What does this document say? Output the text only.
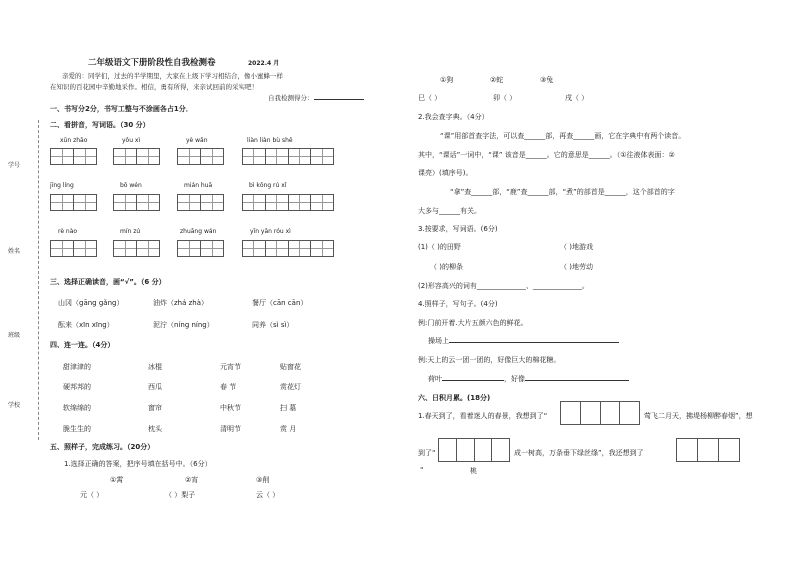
学号
姓名
班级
学校
二年级语文下册阶段性自我检测卷	2022.4 月
亲爱的：同学们，过去的半学期里，大家在上级下学习相结合，像小蜜蜂一样
在知识的百花园中辛勤地采作。相信，勇有所得，来亲试回前的采实吧！
自我检测得分：
一、书写分2分，书写工整与不涂画各占1分．
二、看拼音，写词语。（30 分）
xūn zhāo	yǒu xì	yè wǎn	liàn liàn bù shě
jīng líng	bō wén	mián huā	bì kōng rú xǐ
rè nào	mín zú	zhuāng wán	yīn yān róu xì
三、选择正确读音，画“√”。（6 分）
山冈（gāng gǎng）	油炸（zhá zhà）	餐厅（cān cān）
酝来（xīn xīng）	泥泞（níng níng）	同养（sì sì）
四、连一连。（4分）
甜津津的	冰棍	元宵节	贴窗花
硬邦邦的	西瓜	春 节	赏花灯
软绵绵的	窗帘	中秋节	扫 墓
脆生生的	枕头	清明节	赏 月
五、照样子，完成练习。（20分）
1.选择正确的答案，把序号填在括号中。（6分）
①霄	②宵	③削
元（ ）	（ ）梨子	云（ ）
①狗	②蛇	③兔
巳（ ）	卯（ ）	戌（ ）
2.我会查字典。（4分）
“课”用部首查字法，可以查______部，再查______画，它在字典中有两个读音。
其中，“课话”一词中，“课” 该音是______。它的意思是______。（①往液体表面：②
课亮）(填序号)。
“拿”查______部，“鹿”查______部，“煮”的部首是______，这个部首的字
大多与______有关。
3.按要求，写词语。(6分)
(1)（ )的田野	（ )地游戏
（ )的柳条	（ )地劳动
(2)形容高兴的词有______________、______________。
4.照样子，写句子。(4分)
例:门前开着.大片五颜六色的鲜花。
操场上
例:天上的云一团一团的，好像巨大的棉花糖。
荷叶	，好像
六、日积月累。(18分)
1.春天到了，看着迷人的春景，我想到了“	莺飞二月天，拂堤杨柳醉春烟”，想
到了“	成一树高，万条垂下绿丝绦”，我还想到了
“	桃
